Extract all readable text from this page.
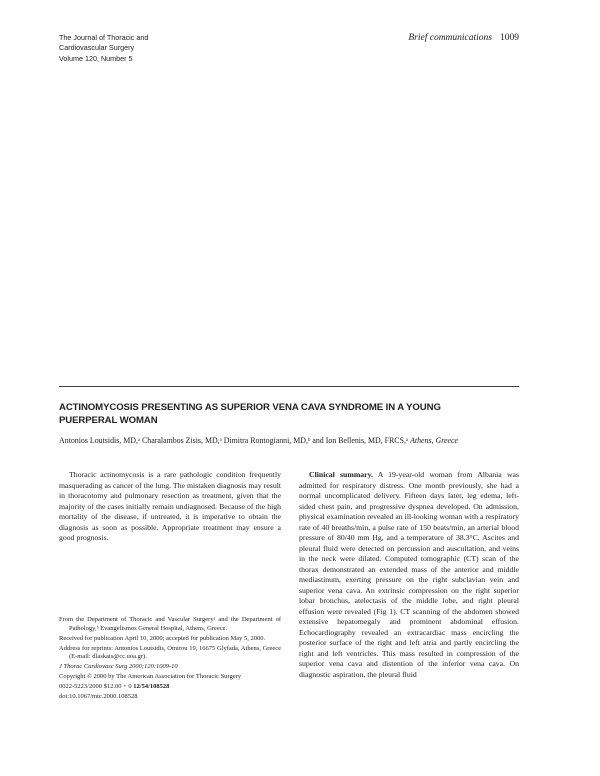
The Journal of Thoracic and
Cardiovascular Surgery
Volume 120, Number 5
Brief communications 1009
ACTINOMYCOSIS PRESENTING AS SUPERIOR VENA CAVA SYNDROME IN A YOUNG PUERPERAL WOMAN
Antonios Loutsidis, MD,ᵃ Charalambos Zisis, MD,ᵃ Dimitra Rontogianni, MD,ᵇ and Ion Bellenis, MD, FRCS,ᵃ Athens, Greece

Thoracic actinomycosis is a rare pathologic condition frequently masquerading as cancer of the lung. The mistaken diagnosis may result in thoracotomy and pulmonary resection as treatment, given that the majority of the cases initially remain undiagnosed. Because of the high mortality of the disease, if untreated, it is imperative to obtain the diagnosis as soon as possible. Appropriate treatment may ensure a good prognosis.

From the Department of Thoracic and Vascular Surgeryᵃ and the Department of Pathology,ᵇ Evangelismos General Hospital, Athens, Greece.
Received for publication April 10, 2000; accepted for publication May 5, 2000.
Address for reprints: Antonios Loutsidis, Omirou 19, 16675 Glyfada, Athens, Greece (E-mail: dlaskats@cc.uoa.gr).
J Thorac Cardiovasc Surg 2000;120:1009-10
Copyright © 2000 by The American Association for Thoracic Surgery
0022-5223/2000 $12.00 + 0 12/54/108528
doi:10.1067/mtc.2000.108528

Clinical summary. A 19-year-old woman from Albania was admitted for respiratory distress. One month previously, she had a normal uncomplicated delivery. Fifteen days later, leg edema, left-sided chest pain, and progressive dyspnea developed. On admission, physical examination revealed an ill-looking woman with a respiratory rate of 40 breaths/min, a pulse rate of 150 beats/min, an arterial blood pressure of 80/40 mm Hg, and a temperature of 38.3°C. Ascites and pleural fluid were detected on percussion and auscultation, and veins in the neck were dilated. Computed tomographic (CT) scan of the thorax demonstrated an extended mass of the anterior and middle mediastinum, exerting pressure on the right subclavian vein and superior vena cava. An extrinsic compression on the right superior lobar bronchus, atelectasis of the middle lobe, and right pleural effusion were revealed (Fig 1). CT scanning of the abdomen showed extensive hepatomegaly and prominent abdominal effusion. Echocardiography revealed an extracardiac mass encircling the posterior surface of the right and left atria and partly encircling the right and left ventricles. This mass resulted in compression of the superior vena cava and distention of the inferior vena cava. On diagnostic aspiration, the pleural fluid
